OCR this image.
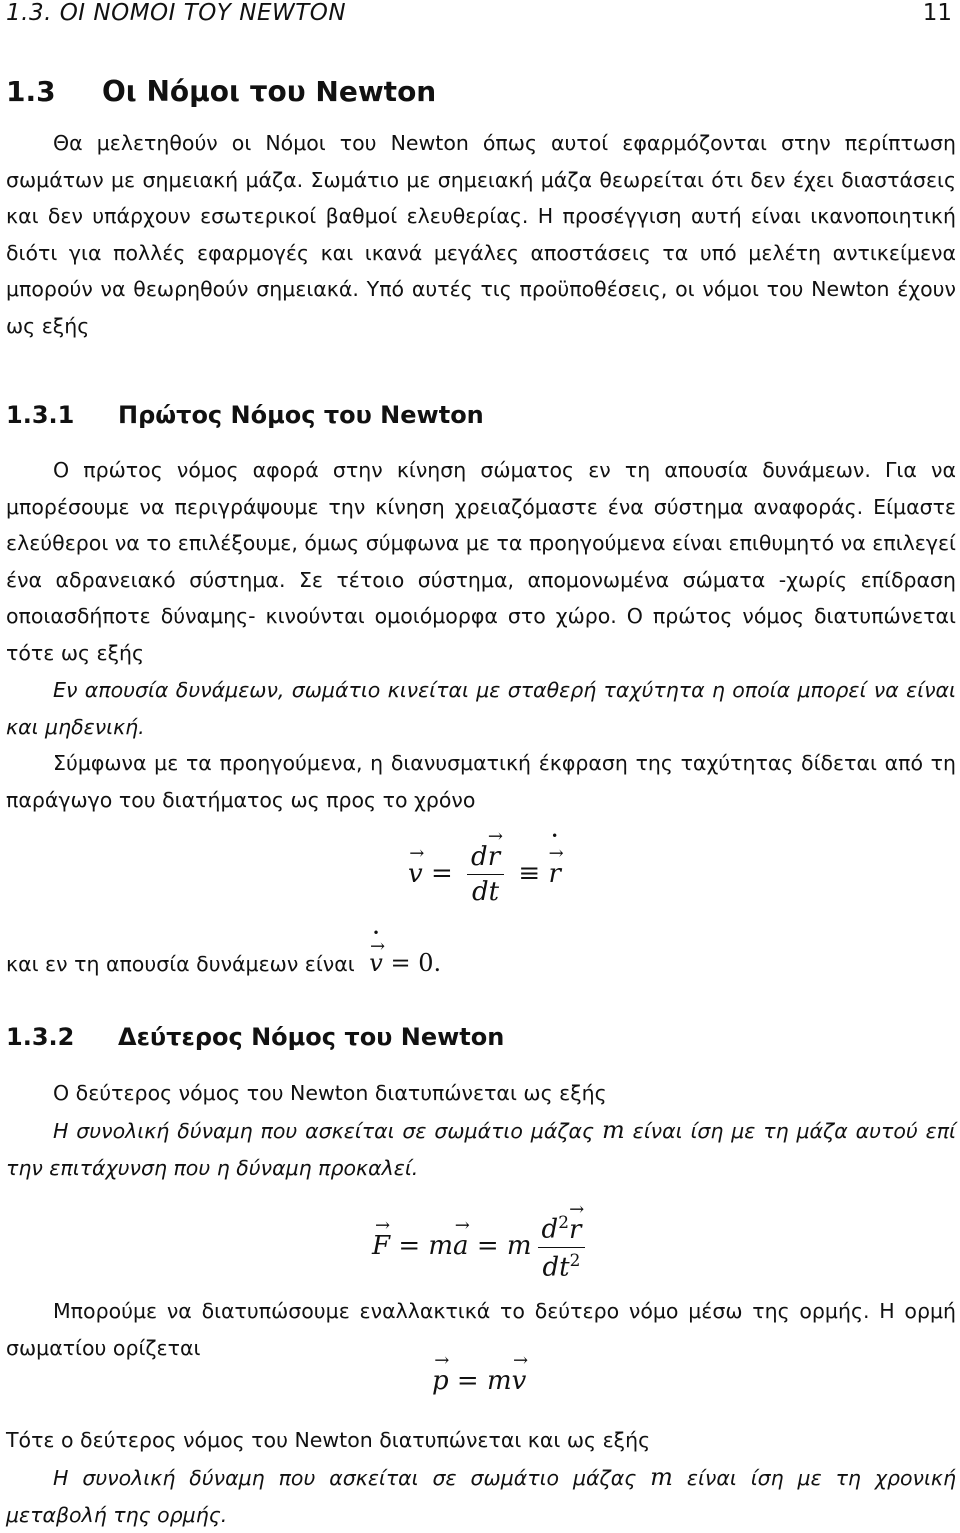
1.3. ΟΙ ΝΟΜΟΙ ΤΟΥ NEWTON	11
1.3 Οι Νόμοι του Newton

Θα μελετηθούν οι Νόμοι του Newton όπως αυτοί εφαρμόζονται στην περίπτωση σωμάτων με σημειακή μάζα. Σωμάτιο με σημειακή μάζα θεωρείται ότι δεν έχει διαστάσεις και δεν υπάρχουν εσωτερικοί βαθμοί ελευθερίας. Η προσέγγιση αυτή είναι ικανοποιητική διότι για πολλές εφαρμογές και ικανά μεγάλες αποστάσεις τα υπό μελέτη αντικείμενα μπορούν να θεωρηθούν σημειακά. Υπό αυτές τις προϋποθέσεις, οι νόμοι του Newton έχουν ως εξής

1.3.1 Πρώτος Νόμος του Newton

Ο πρώτος νόμος αφορά στην κίνηση σώματος εν τη απουσία δυνάμεων. Για να μπορέσουμε να περιγράψουμε την κίνηση χρειαζόμαστε ένα σύστημα αναφοράς. Είμαστε ελεύθεροι να το επιλέξουμε, όμως σύμφωνα με τα προηγούμενα είναι επιθυμητό να επιλεγεί ένα αδρανειακό σύστημα. Σε τέτοιο σύστημα, απομονωμένα σώματα -χωρίς επίδραση οποιασδήποτε δύναμης- κινούνται ομοιόμορφα στο χώρο. Ο πρώτος νόμος διατυπώνεται τότε ως εξής

Εν απουσία δυνάμεων, σωμάτιο κινείται με σταθερή ταχύτητα η οποία μπορεί να είναι και μηδενική.

Σύμφωνα με τα προηγούμενα, η διανυσματική έκφραση της ταχύτητας δίδεται από τη παράγωγο του διατήματος ως προς το χρόνο

→ $v = \frac{d\to r}{dt}$ ≡ → r •
και εν τη απουσία δυνάμεων είναι → v • = 0.
1.3.2 Δεύτερος Νόμος του Newton

Ο δεύτερος νόμος του Newton διατυπώνεται ως εξής

Η συνολική δύναμη που ασκείται σε σωμάτιο μάζας m είναι ίση με τη μάζα αυτού επί την επιτάχυνση που η δύναμη προκαλεί.

→ F = m→ a = m $\frac{d^2\to r}{dt^2}$

Μπορούμε να διατυπώσουμε εναλλακτικά το δεύτερο νόμο μέσω της ορμής. Η ορμή σωματίου ορίζεται

→ p = m→ v

Τότε ο δεύτερος νόμος του Newton διατυπώνεται και ως εξής

Η συνολική δύναμη που ασκείται σε σωμάτιο μάζας m είναι ίση με τη χρονική μεταβολή της ορμής.
